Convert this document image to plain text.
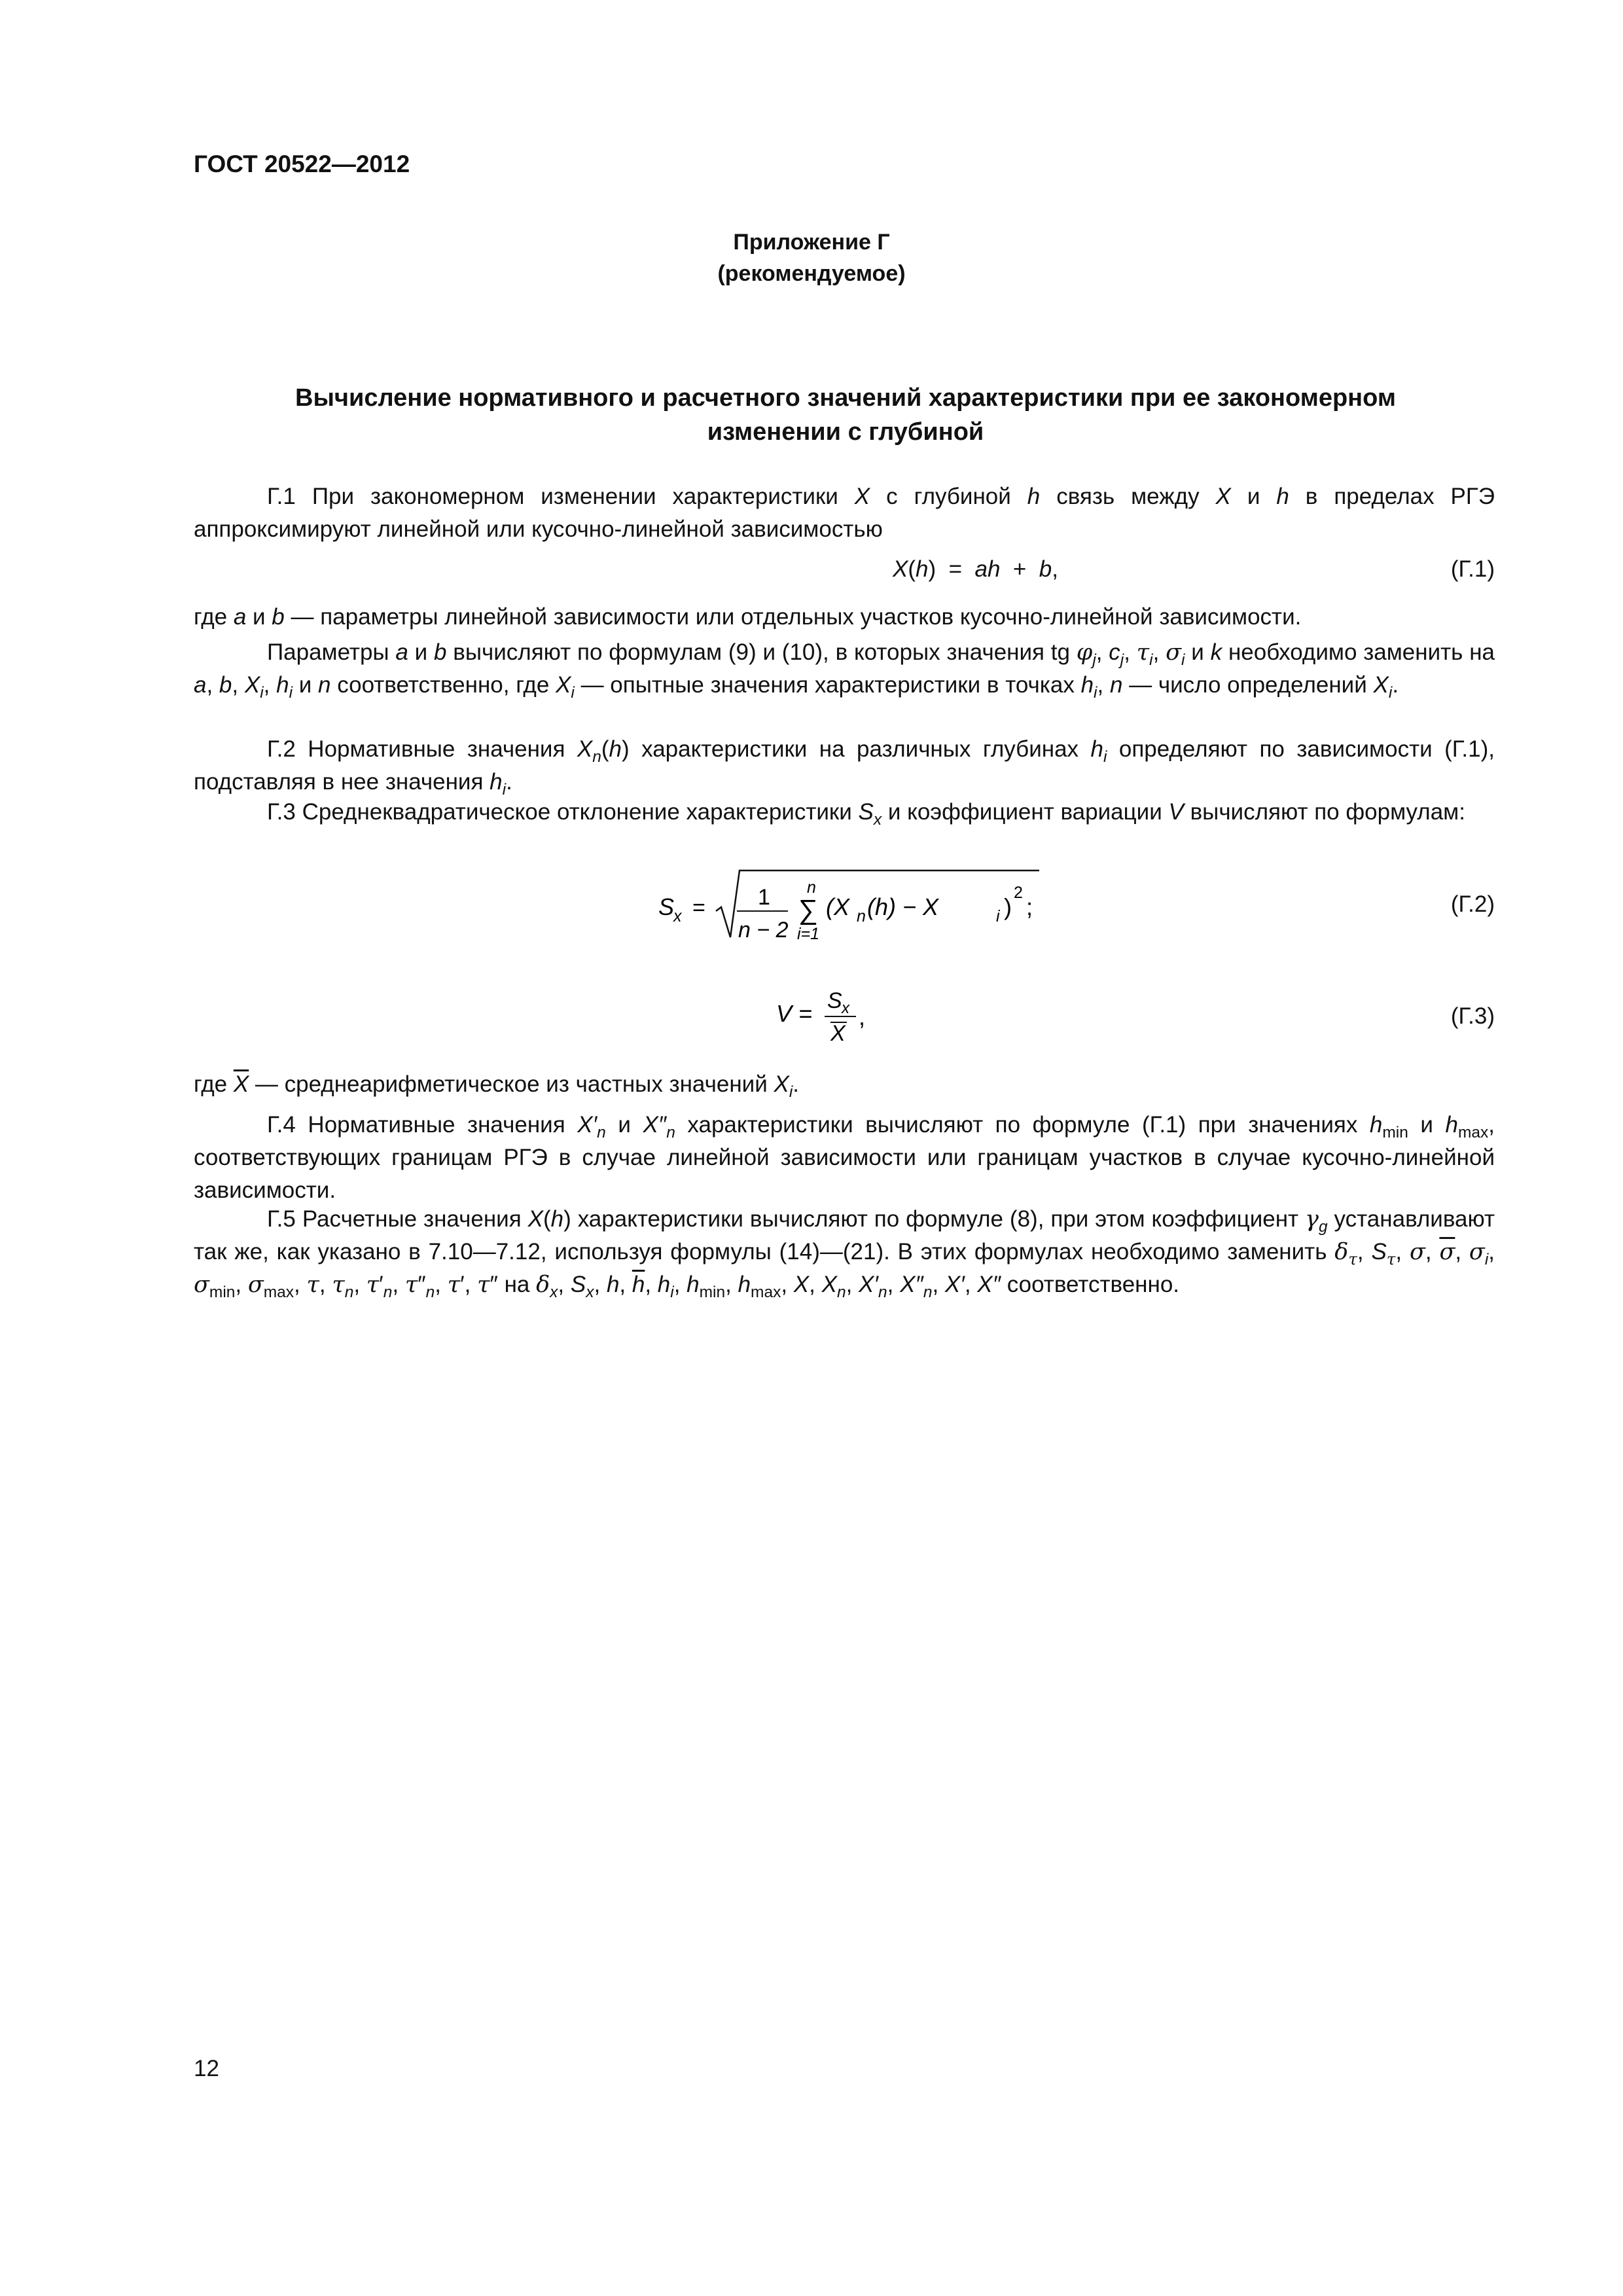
ГОСТ 20522—2012
Приложение Г
(рекомендуемое)
Вычисление нормативного и расчетного значений характеристики при ее закономерном
изменении с глубиной

Г.1 При закономерном изменении характеристики X с глубиной h связь между X и h в пределах РГЭ аппроксимируют линейной или кусочно-линейной зависимостью

X(h)  =  ah  +  b,	(Г.1)

где a и b — параметры линейной зависимости или отдельных участков кусочно-линейной зависимости.

Параметры a и b вычисляют по формулам (9) и (10), в которых значения tg $\varphi_j$, $c_j$, $\tau_i$, $\sigma_i$ и k необходимо заменить на a, b, $X_i$, $h_i$ и n соответственно, где $X_i$ — опытные значения характеристики в точках $h_i$, n — число определений $X_i$.

Г.2 Нормативные значения $X_n(h)$ характеристики на различных глубинах $h_i$ определяют по зависимости (Г.1), подставляя в нее значения $h_i$.

Г.3 Среднеквадратическое отклонение характеристики $S_x$ и коэффициент вариации V вычисляют по формулам:

S
x = 1
n − 2
n
∑
i=1
(X n (h) − X	i )
2
;	(Г.2)
V = S x
X
,	(Г.3)

где $\overline{X}$ — среднеарифметическое из частных значений $X_i$.

Г.4 Нормативные значения $X'_n$ и $X''_n$ характеристики вычисляют по формуле (Г.1) при значениях $h_{min}$ и $h_{max}$, соответствующих границам РГЭ в случае линейной зависимости или границам участков в случае кусочно-линейной зависимости.

Г.5 Расчетные значения X(h) характеристики вычисляют по формуле (8), при этом коэффициент $\gamma_g$ устанавливают так же, как указано в 7.10—7.12, используя формулы (14)—(21). В этих формулах необходимо заменить $\delta_\tau$, $S_\tau$, σ, $\overline{\sigma}$, $\sigma_i$, $\sigma_{min}$, $\sigma_{max}$, τ, $\tau_n$, $\tau'_n$, $\tau''_n$, τ′, τ″ на $\delta_x$, $S_x$, h, $\overline{h}$, $h_i$, $h_{min}$, $h_{max}$, X, $X_n$, $X'_n$, $X''_n$, X′, X″ соответственно.

12
